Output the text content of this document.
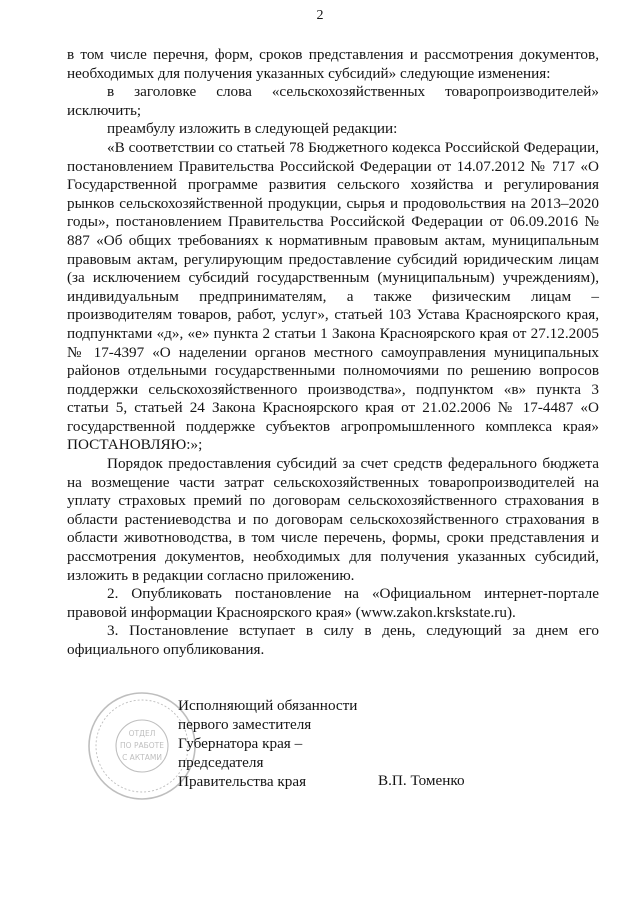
2

в том числе перечня, форм, сроков представления и рассмотрения документов, необходимых для получения указанных субсидий» следующие изменения:

в заголовке слова «сельскохозяйственных товаропроизводителей» исключить;

преамбулу изложить в следующей редакции:

«В соответствии со статьей 78 Бюджетного кодекса Российской Федерации, постановлением Правительства Российской Федерации от 14.07.2012 № 717 «О Государственной программе развития сельского хозяйства и регулирования рынков сельскохозяйственной продукции, сырья и продовольствия на 2013–2020 годы», постановлением Правительства Российской Федерации от 06.09.2016 № 887 «Об общих требованиях к нормативным правовым актам, муниципальным правовым актам, регулирующим предоставление субсидий юридическим лицам (за исключением субсидий государственным (муниципальным) учреждениям), индивидуальным предпринимателям, а также физическим лицам – производителям товаров, работ, услуг», статьей 103 Устава Красноярского края, подпунктами «д», «е» пункта 2 статьи 1 Закона Красноярского края от 27.12.2005 № 17-4397 «О наделении органов местного самоуправления муниципальных районов отдельными государственными полномочиями по решению вопросов поддержки сельскохозяйственного производства», подпунктом «в» пункта 3 статьи 5, статьей 24 Закона Красноярского края от 21.02.2006 № 17-4487 «О государственной поддержке субъектов агропромышленного комплекса края» ПОСТАНОВЛЯЮ:»;

Порядок предоставления субсидий за счет средств федерального бюджета на возмещение части затрат сельскохозяйственных товаропроизводителей на уплату страховых премий по договорам сельскохозяйственного страхования в области растениеводства и по договорам сельскохозяйственного страхования в области животноводства, в том числе перечень, формы, сроки представления и рассмотрения документов, необходимых для получения указанных субсидий, изложить в редакции согласно приложению.

2. Опубликовать постановление на «Официальном интернет-портале правовой информации Красноярского края» (www.zakon.krskstate.ru).

3. Постановление вступает в силу в день, следующий за днем его официального опубликования.

ОТДЕЛ
ПО РАБОТЕ
С АКТАМИ
Исполняющий обязанности
первого заместителя
Губернатора края –
председателя
Правительства края	В.П. Томенко
